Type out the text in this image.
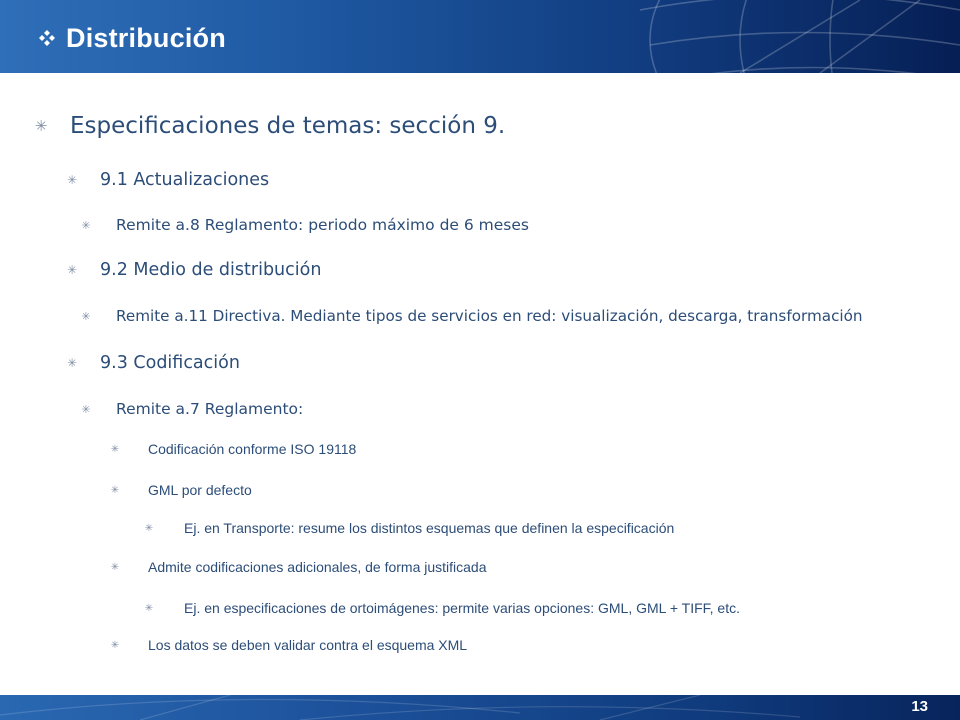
Distribución
✳ Especificaciones de temas: sección 9.
✳	9.1 Actualizaciones
✳	Remite a.8 Reglamento: periodo máximo de 6 meses
✳	9.2 Medio de distribución
✳	Remite a.11 Directiva. Mediante tipos de servicios en red: visualización, descarga, transformación
✳	9.3 Codificación
✳	Remite a.7 Reglamento:
✳	Codificación conforme ISO 19118
✳	GML por defecto
✳	Ej. en Transporte: resume los distintos esquemas que definen la especificación
✳	Admite codificaciones adicionales, de forma justificada
✳	Ej. en especificaciones de ortoimágenes: permite varias opciones: GML, GML + TIFF, etc.
✳	Los datos se deben validar contra el esquema XML
13
